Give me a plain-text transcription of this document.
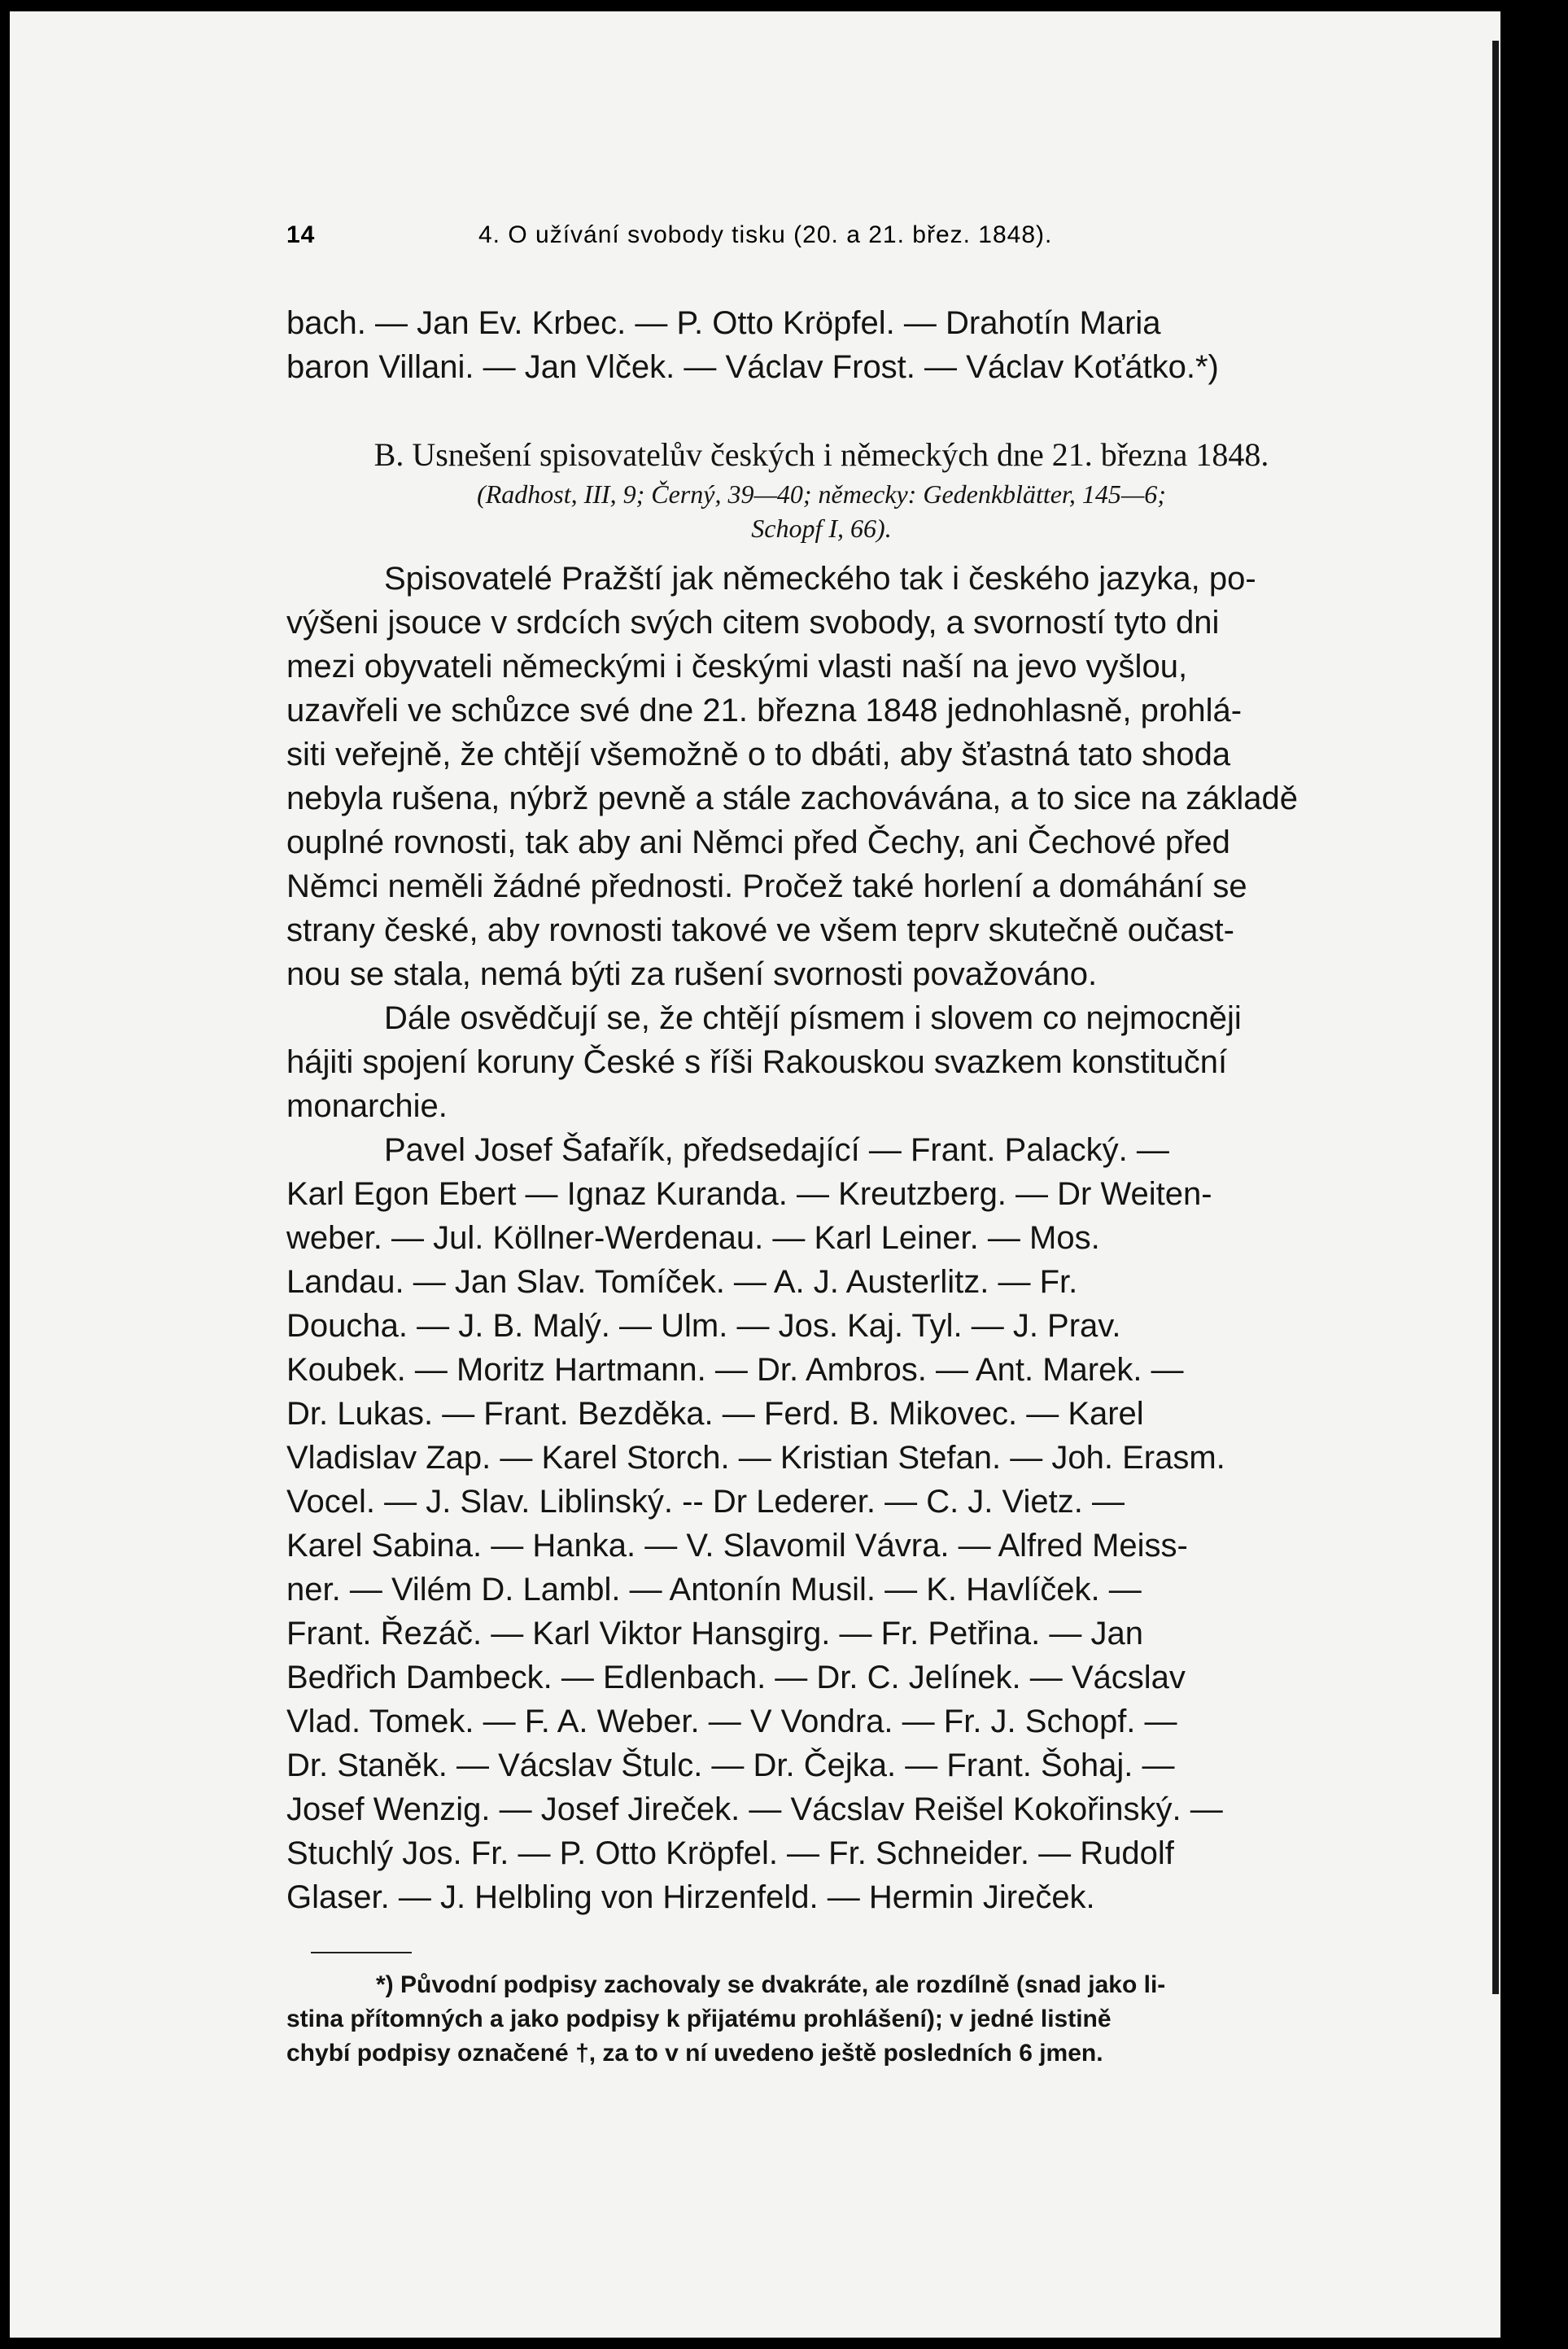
14	4. O užívání svobody tisku (20. a 21. břez. 1848).
bach. — Jan Ev. Krbec. — P. Otto Kröpfel. — Drahotín Maria
baron Villani. — Jan Vlček. — Václav Frost. — Václav Koťátko.*)
B. Usnešení spisovatelův českých i německých dne 21. března 1848.
(Radhost, III, 9; Černý, 39—40; německy: Gedenkblätter, 145—6;
Schopf I, 66).
Spisovatelé Pražští jak německého tak i českého jazyka, po-
výšeni jsouce v srdcích svých citem svobody, a svorností tyto dni
mezi obyvateli německými i českými vlasti naší na jevo vyšlou,
uzavřeli ve schůzce své dne 21. března 1848 jednohlasně, prohlá-
siti veřejně, že chtějí všemožně o to dbáti, aby šťastná tato shoda
nebyla rušena, nýbrž pevně a stále zachovávána, a to sice na základě
ouplné rovnosti, tak aby ani Němci před Čechy, ani Čechové před
Němci neměli žádné přednosti. Pročež také horlení a domáhání se
strany české, aby rovnosti takové ve všem teprv skutečně oučast-
nou se stala, nemá býti za rušení svornosti považováno.
Dále osvědčují se, že chtějí písmem i slovem co nejmocněji
hájiti spojení koruny České s říši Rakouskou svazkem konstituční
monarchie.
Pavel Josef Šafařík, předsedající — Frant. Palacký. —
Karl Egon Ebert — Ignaz Kuranda. — Kreutzberg. — Dr Weiten-
weber. — Jul. Köllner-Werdenau. — Karl Leiner. — Mos.
Landau. — Jan Slav. Tomíček. — A. J. Austerlitz. — Fr.
Doucha. — J. B. Malý. — Ulm. — Jos. Kaj. Tyl. — J. Prav.
Koubek. — Moritz Hartmann. — Dr. Ambros. — Ant. Marek. —
Dr. Lukas. — Frant. Bezděka. — Ferd. B. Mikovec. — Karel
Vladislav Zap. — Karel Storch. — Kristian Stefan. — Joh. Erasm.
Vocel. — J. Slav. Liblinský. -- Dr Lederer. — C. J. Vietz. —
Karel Sabina. — Hanka. — V. Slavomil Vávra. — Alfred Meiss-
ner. — Vilém D. Lambl. — Antonín Musil. — K. Havlíček. —
Frant. Řezáč. — Karl Viktor Hansgirg. — Fr. Petřina. — Jan
Bedřich Dambeck. — Edlenbach. — Dr. C. Jelínek. — Vácslav
Vlad. Tomek. — F. A. Weber. — V Vondra. — Fr. J. Schopf. —
Dr. Staněk. — Vácslav Štulc. — Dr. Čejka. — Frant. Šohaj. —
Josef Wenzig. — Josef Jireček. — Vácslav Reišel Kokořinský. —
Stuchlý Jos. Fr. — P. Otto Kröpfel. — Fr. Schneider. — Rudolf
Glaser. — J. Helbling von Hirzenfeld. — Hermin Jireček.
*) Původní podpisy zachovaly se dvakráte, ale rozdílně (snad jako li-
stina přítomných a jako podpisy k přijatému prohlášení); v jedné listině
chybí podpisy označené †, za to v ní uvedeno ještě posledních 6 jmen.
